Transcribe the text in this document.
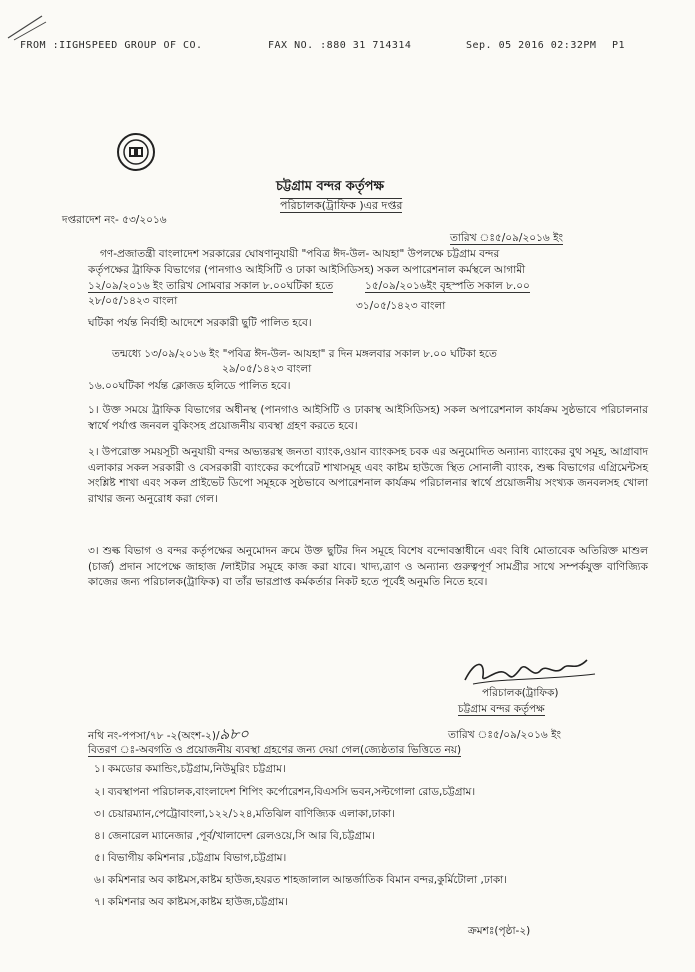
FROM :IIGHSPEED GROUP OF CO.	FAX NO. :880 31 714314	Sep. 05 2016 02:32PM P1
চট্টগ্রাম বন্দর কর্তৃপক্ষ
পরিচালক(ট্রাফিক )এর দপ্তর
দপ্তরাদেশ নং- ৫৩/২০১৬
তারিখ ঃ৫/০৯/২০১৬ ইং
গণ-প্রজাতন্ত্রী বাংলাদেশ সরকারের ঘোষণানুযায়ী "পবিত্র ঈদ-উল- আযহা" উপলক্ষে চট্টগ্রাম বন্দর
কর্তৃপক্ষের ট্রাফিক বিভাগের (পানগাও আইসিটি ও ঢাকা আইসিডিসহ) সকল অপারেশনাল কর্মস্থলে আগামী
১২/০৯/২০১৬ ইং তারিখ সোমবার সকাল ৮.০০ঘটিকা হতে	১৫/০৯/২০১৬ইং বৃহস্পতি সকাল ৮.০০
২৮/০৫/১৪২৩ বাংলা	৩১/০৫/১৪২৩ বাংলা
ঘটিকা পর্যন্ত নির্বাহী আদেশে সরকারী ছুটি পালিত হবে।
তন্মধ্যে ১৩/০৯/২০১৬ ইং "পবিত্র ঈদ-উল- আযহা" র দিন মঙ্গলবার সকাল ৮.০০ ঘটিকা হতে
২৯/০৫/১৪২৩ বাংলা
১৬.০০ঘটিকা পর্যন্ত ক্লোজড হলিডে পালিত হবে।
১। উক্ত সময়ে ট্রাফিক বিভাগের অধীনস্থ (পানগাও আইসিটি ও ঢাকাস্থ আইসিডিসহ) সকল অপারেশনাল কার্যক্রম সুষ্ঠভাবে পরিচালনার স্বার্থে পর্যাপ্ত জনবল বুকিংসহ প্রয়োজনীয় ব্যবস্থা গ্রহণ করতে হবে।
২। উপরোক্ত সময়সূচী অনুযায়ী বন্দর অভ্যন্তরস্থ জনতা ব্যাংক,ওয়ান ব্যাংকসহ চবক এর অনুমোদিত অন্যান্য ব্যাংকের বুথ সমূহ, আগ্রাবাদ এলাকার সকল সরকারী ও বেসরকারী ব্যাংকের কর্পোরেট শাখাসমূহ এবং কাষ্টম হাউজে স্থিত সোনালী ব্যাংক, শুল্ক বিভাগের এগ্রিমেন্টসহ সংশ্লিষ্ট শাখা এবং সকল প্রাইভেট ডিপো সমূহকে সুষ্ঠভাবে অপারেশনাল কার্যক্রম পরিচালনার স্বার্থে প্রয়োজনীয় সংখ্যক জনবলসহ খোলা রাখার জন্য অনুরোধ করা গেল।
৩। শুল্ক বিভাগ ও বন্দর কর্তৃপক্ষের অনুমোদন ক্রমে উক্ত ছুটির দিন সমূহে বিশেষ বন্দোবস্তাধীনে এবং বিধি মোতাবেক অতিরিক্ত মাশুল (চার্জ) প্রদান সাপেক্ষে জাহাজ /লাইটার সমূহে কাজ করা যাবে। খাদ্য,ত্রাণ ও অন্যান্য গুরুত্বপূর্ণ সামগ্রীর সাথে সম্পর্কযুক্ত বাণিজ্যিক কাজের জন্য পরিচালক(ট্রাফিক) বা তাঁর ভারপ্রাপ্ত কর্মকর্তার নিকট হতে পূর্বেই অনুমতি নিতে হবে।
পরিচালক(ট্রাফিক)
চট্টগ্রাম বন্দর কর্তৃপক্ষ
নথি নং-পপসা/৭৮ -২(অংশ-২)/৯৮০	তারিখ ঃ৫/০৯/২০১৬ ইং
বিতরণ ঃ-অবগতি ও প্রয়োজনীয় ব্যবস্থা গ্রহণের জন্য দেয়া গেল(জ্যেষ্ঠতার ভিত্তিতে নয়)
১। কমডোর কমান্ডিং,চট্টগ্রাম,নিউমুরিং চট্টগ্রাম।
২। ব্যবস্থাপনা পরিচালক,বাংলাদেশ শিপিং কর্পোরেশন,বিএসসি ভবন,সল্টগোলা রোড,চট্টগ্রাম।
৩। চেয়ারম্যান,পেট্রোবাংলা,১২২/১২৪,মতিঝিল বাণিজ্যিক এলাকা,ঢাকা।
৪। জেনারেল ম্যানেজার ,পূর্ব/খালাদেশ রেলওয়ে,সি আর বি,চট্টগ্রাম।
৫। বিভাগীয় কমিশনার ,চট্টগ্রাম বিভাগ,চট্টগ্রাম।
৬। কমিশনার অব কাষ্টমস,কাষ্টম হাউজ,হযরত শাহজালাল আন্তর্জাতিক বিমান বন্দর,কুর্মিটোলা ,ঢাকা।
৭। কমিশনার অব কাষ্টমস,কাষ্টম হাউজ,চট্টগ্রাম।
ক্রমশঃ(পৃষ্ঠা-২)
